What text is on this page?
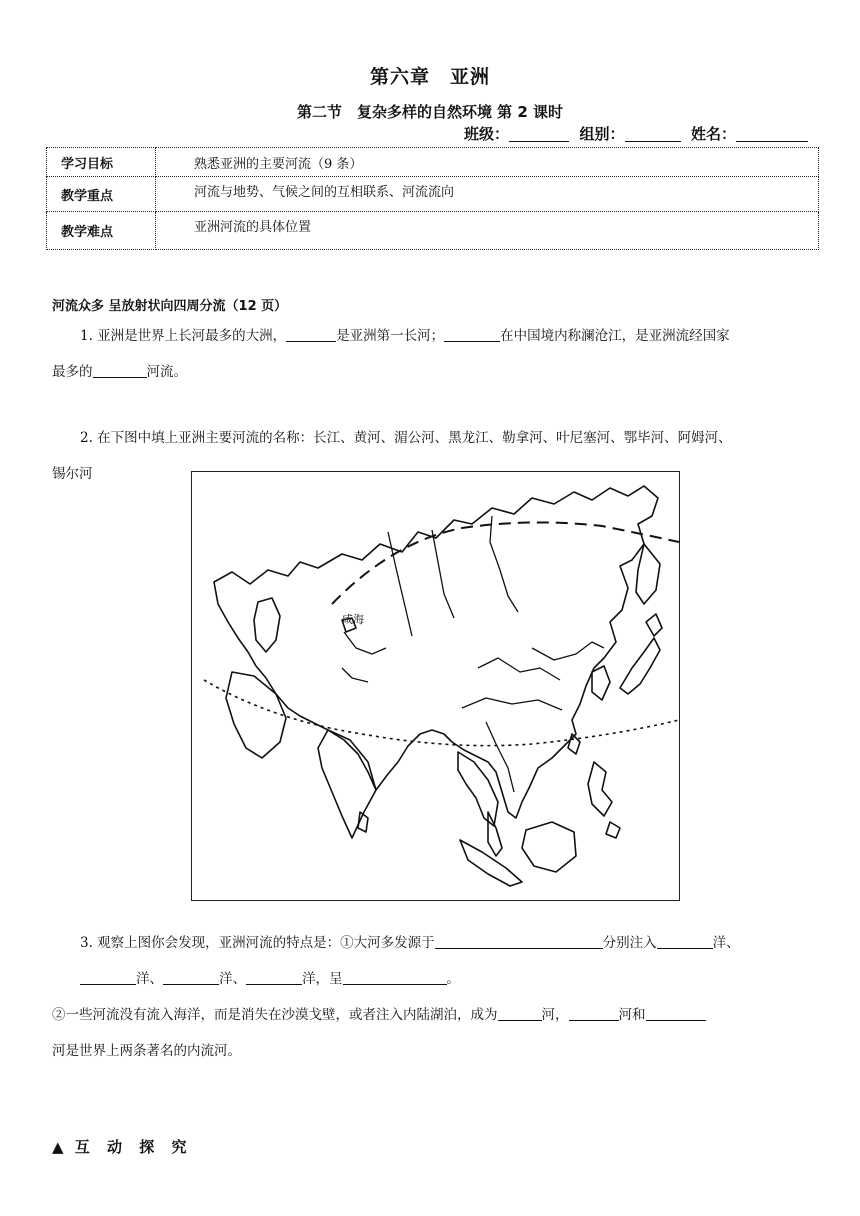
第六章　亚洲
第二节　复杂多样的自然环境 第 2 课时
班级：	组别：	姓名：
学习目标	熟悉亚洲的主要河流（9 条）
教学重点	河流与地势、气候之间的互相联系、河流流向
教学难点	亚洲河流的具体位置
河流众多 呈放射状向四周分流（12 页）
1. 亚洲是世界上长河最多的大洲，	是亚洲第一长河；	在中国境内称澜沧江，是亚洲流经国家
最多的	河流。
2. 在下图中填上亚洲主要河流的名称：长江、黄河、湄公河、黑龙江、勒拿河、叶尼塞河、鄂毕河、阿姆河、
锡尔河
咸海
3. 观察上图你会发现，亚洲河流的特点是：①大河多发源于	分别注入	洋、
洋、	洋、	洋，呈	。
②一些河流没有流入海洋，而是消失在沙漠戈壁，或者注入内陆湖泊，成为	河，	河和
河是世界上两条著名的内流河。
▲ 互 动 探 究
